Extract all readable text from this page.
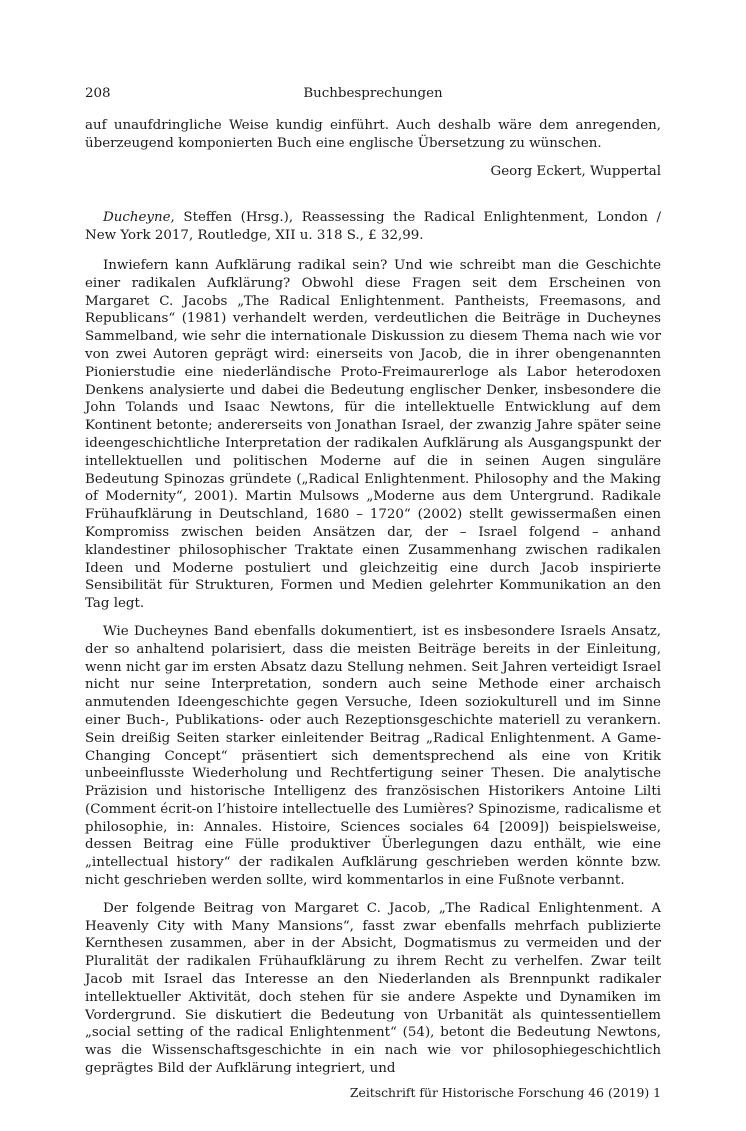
208	Buchbesprechungen

auf unaufdringliche Weise kundig einführt. Auch deshalb wäre dem anregenden, überzeugend komponierten Buch eine englische Übersetzung zu wünschen.

Georg Eckert, Wuppertal

Ducheyne, Steffen (Hrsg.), Reassessing the Radical Enlightenment, London / New York 2017, Routledge, XII u. 318 S., £ 32,99.

Inwiefern kann Aufklärung radikal sein? Und wie schreibt man die Geschichte einer radikalen Aufklärung? Obwohl diese Fragen seit dem Erscheinen von Margaret C. Jacobs „The Radical Enlightenment. Pantheists, Freemasons, and Republicans“ (1981) verhandelt werden, verdeutlichen die Beiträge in Ducheynes Sammelband, wie sehr die internationale Diskussion zu diesem Thema nach wie vor von zwei Autoren geprägt wird: einerseits von Jacob, die in ihrer obengenannten Pionierstudie eine niederländische Proto-Freimaurerloge als Labor heterodoxen Denkens analysierte und dabei die Bedeutung englischer Denker, insbesondere die John Tolands und Isaac Newtons, für die intellektuelle Entwicklung auf dem Kontinent betonte; andererseits von Jonathan Israel, der zwanzig Jahre später seine ideengeschichtliche Interpretation der radikalen Aufklärung als Ausgangspunkt der intellektuellen und politischen Moderne auf die in seinen Augen singuläre Bedeutung Spinozas gründete („Radical Enlightenment. Philosophy and the Making of Modernity“, 2001). Martin Mulsows „Moderne aus dem Untergrund. Radikale Frühaufklärung in Deutschland, 1680 – 1720“ (2002) stellt gewissermaßen einen Kompromiss zwischen beiden Ansätzen dar, der – Israel folgend – anhand klandestiner philosophischer Traktate einen Zusammenhang zwischen radikalen Ideen und Moderne postuliert und gleichzeitig eine durch Jacob inspirierte Sensibilität für Strukturen, Formen und Medien gelehrter Kommunikation an den Tag legt.

Wie Ducheynes Band ebenfalls dokumentiert, ist es insbesondere Israels Ansatz, der so anhaltend polarisiert, dass die meisten Beiträge bereits in der Einleitung, wenn nicht gar im ersten Absatz dazu Stellung nehmen. Seit Jahren verteidigt Israel nicht nur seine Interpretation, sondern auch seine Methode einer archaisch anmutenden Ideengeschichte gegen Versuche, Ideen soziokulturell und im Sinne einer Buch-, Publikations- oder auch Rezeptionsgeschichte materiell zu verankern. Sein dreißig Seiten starker einleitender Beitrag „Radical Enlightenment. A Game-Changing Concept“ präsentiert sich dementsprechend als eine von Kritik unbeeinflusste Wiederholung und Rechtfertigung seiner Thesen. Die analytische Präzision und historische Intelligenz des französischen Historikers Antoine Lilti (Comment écrit-on l’histoire intellectuelle des Lumières? Spinozisme, radicalisme et philosophie, in: Annales. Histoire, Sciences sociales 64 [2009]) beispielsweise, dessen Beitrag eine Fülle produktiver Überlegungen dazu enthält, wie eine „intellectual history“ der radikalen Aufklärung geschrieben werden könnte bzw. nicht geschrieben werden sollte, wird kommentarlos in eine Fußnote verbannt.

Der folgende Beitrag von Margaret C. Jacob, „The Radical Enlightenment. A Heavenly City with Many Mansions“, fasst zwar ebenfalls mehrfach publizierte Kernthesen zusammen, aber in der Absicht, Dogmatismus zu vermeiden und der Pluralität der radikalen Frühaufklärung zu ihrem Recht zu verhelfen. Zwar teilt Jacob mit Israel das Interesse an den Niederlanden als Brennpunkt radikaler intellektueller Aktivität, doch stehen für sie andere Aspekte und Dynamiken im Vordergrund. Sie diskutiert die Bedeutung von Urbanität als quintessentiellem „social setting of the radical Enlightenment“ (54), betont die Bedeutung Newtons, was die Wissenschaftsgeschichte in ein nach wie vor philosophiegeschichtlich geprägtes Bild der Aufklärung integriert, und

Zeitschrift für Historische Forschung 46 (2019) 1
